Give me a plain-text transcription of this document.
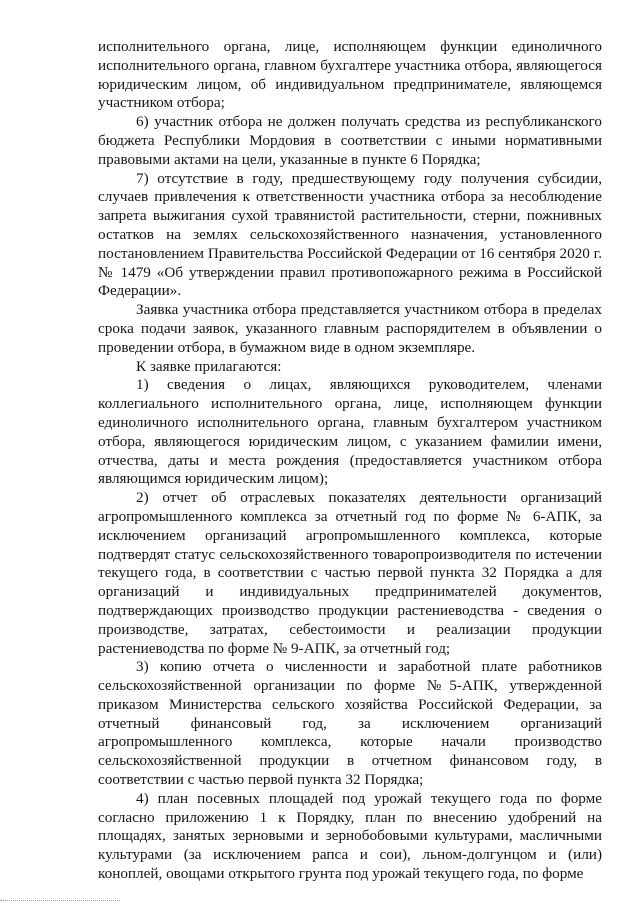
исполнительного органа, лице, исполняющем функции единоличного исполнительного органа, главном бухгалтере участника отбора, являющегося юридическим лицом, об индивидуальном предпринимателе, являющемся участником отбора;

6) участник отбора не должен получать средства из республиканского бюджета Республики Мордовия в соответствии с иными нормативными правовыми актами на цели, указанные в пункте 6 Порядка;

7) отсутствие в году, предшествующему году получения субсидии, случаев привлечения к ответственности участника отбора за несоблюдение запрета выжигания сухой травянистой растительности, стерни, пожнивных остатков на землях сельскохозяйственного назначения, установленного постановлением Правительства Российской Федерации от 16 сентября 2020 г. № 1479 «Об утверждении правил противопожарного режима в Российской Федерации».

Заявка участника отбора представляется участником отбора в пределах срока подачи заявок, указанного главным распорядителем в объявлении о проведении отбора, в бумажном виде в одном экземпляре.

К заявке прилагаются:

1) сведения о лицах, являющихся руководителем, членами коллегиального исполнительного органа, лице, исполняющем функции единоличного исполнительного органа, главным бухгалтером участником отбора, являющегося юридическим лицом, с указанием фамилии имени, отчества, даты и места рождения (предоставляется участником отбора являющимся юридическим лицом);

2) отчет об отраслевых показателях деятельности организаций агропромышленного комплекса за отчетный год по форме № 6-АПК, за исключением организаций агропромышленного комплекса, которые подтвердят статус сельскохозяйственного товаропроизводителя по истечении текущего года, в соответствии с частью первой пункта 32 Порядка а для организаций и индивидуальных предпринимателей документов, подтверждающих производство продукции растениеводства - сведения о производстве, затратах, себестоимости и реализации продукции растениеводства по форме № 9-АПК, за отчетный год;

3) копию отчета о численности и заработной плате работников сельскохозяйственной организации по форме №5-АПК, утвержденной приказом Министерства сельского хозяйства Российской Федерации, за отчетный финансовый год, за исключением организаций агропромышленного комплекса, которые начали производство сельскохозяйственной продукции в отчетном финансовом году, в соответствии с частью первой пункта 32 Порядка;

4) план посевных площадей под урожай текущего года по форме согласно приложению 1 к Порядку, план по внесению удобрений на площадях, занятых зерновыми и зернобобовыми культурами, масличными культурами (за исключением рапса и сои), льном-долгунцом и (или) коноплей, овощами открытого грунта под урожай текущего года, по форме
